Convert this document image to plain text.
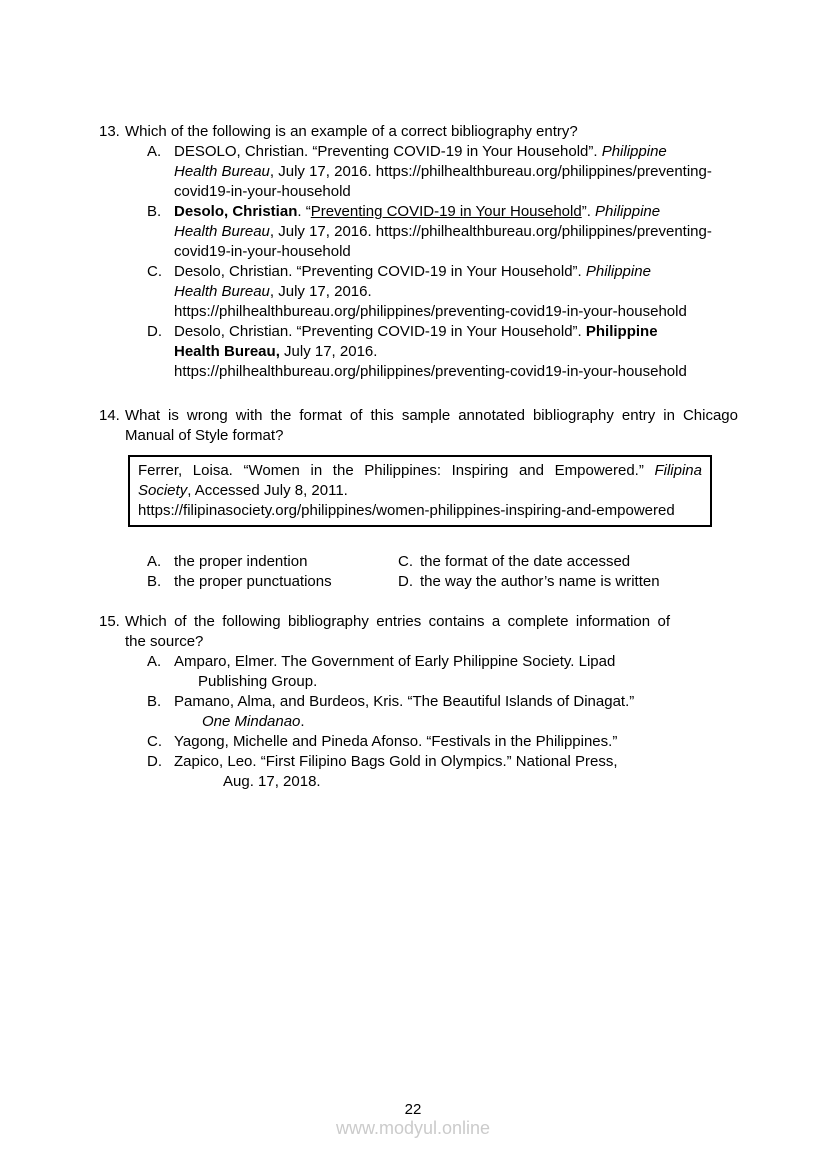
13. Which of the following is an example of a correct bibliography entry?
A. DESOLO, Christian. “Preventing COVID-19 in Your Household”. Philippine
Health Bureau, July 17, 2016. https://philhealthbureau.org/philippines/preventing-
covid19-in-your-household
B. Desolo, Christian. “Preventing COVID-19 in Your Household”. Philippine
Health Bureau, July 17, 2016. https://philhealthbureau.org/philippines/preventing-
covid19-in-your-household
C. Desolo, Christian. “Preventing COVID-19 in Your Household”. Philippine
Health Bureau, July 17, 2016.
https://philhealthbureau.org/philippines/preventing-covid19-in-your-household
D. Desolo, Christian. “Preventing COVID-19 in Your Household”. Philippine
Health Bureau, July 17, 2016.
https://philhealthbureau.org/philippines/preventing-covid19-in-your-household
14. What is wrong with the format of this sample annotated bibliography entry in Chicago
Manual of Style format?
Ferrer, Loisa. “Women in the Philippines: Inspiring and Empowered.” Filipina
Society, Accessed July 8, 2011.
https://filipinasociety.org/philippines/women-philippines-inspiring-and-empowered
A. the proper indention
B. the proper punctuations
C. the format of the date accessed
D. the way the author’s name is written
15. Which of the following bibliography entries contains a complete information of
the source?
A. Amparo, Elmer. The Government of Early Philippine Society. Lipad
Publishing Group.
B. Pamano, Alma, and Burdeos, Kris. “The Beautiful Islands of Dinagat.”
One Mindanao.
C. Yagong, Michelle and Pineda Afonso. “Festivals in the Philippines.”
D. Zapico, Leo. “First Filipino Bags Gold in Olympics.” National Press,
Aug. 17, 2018.
22
www.modyul.online
